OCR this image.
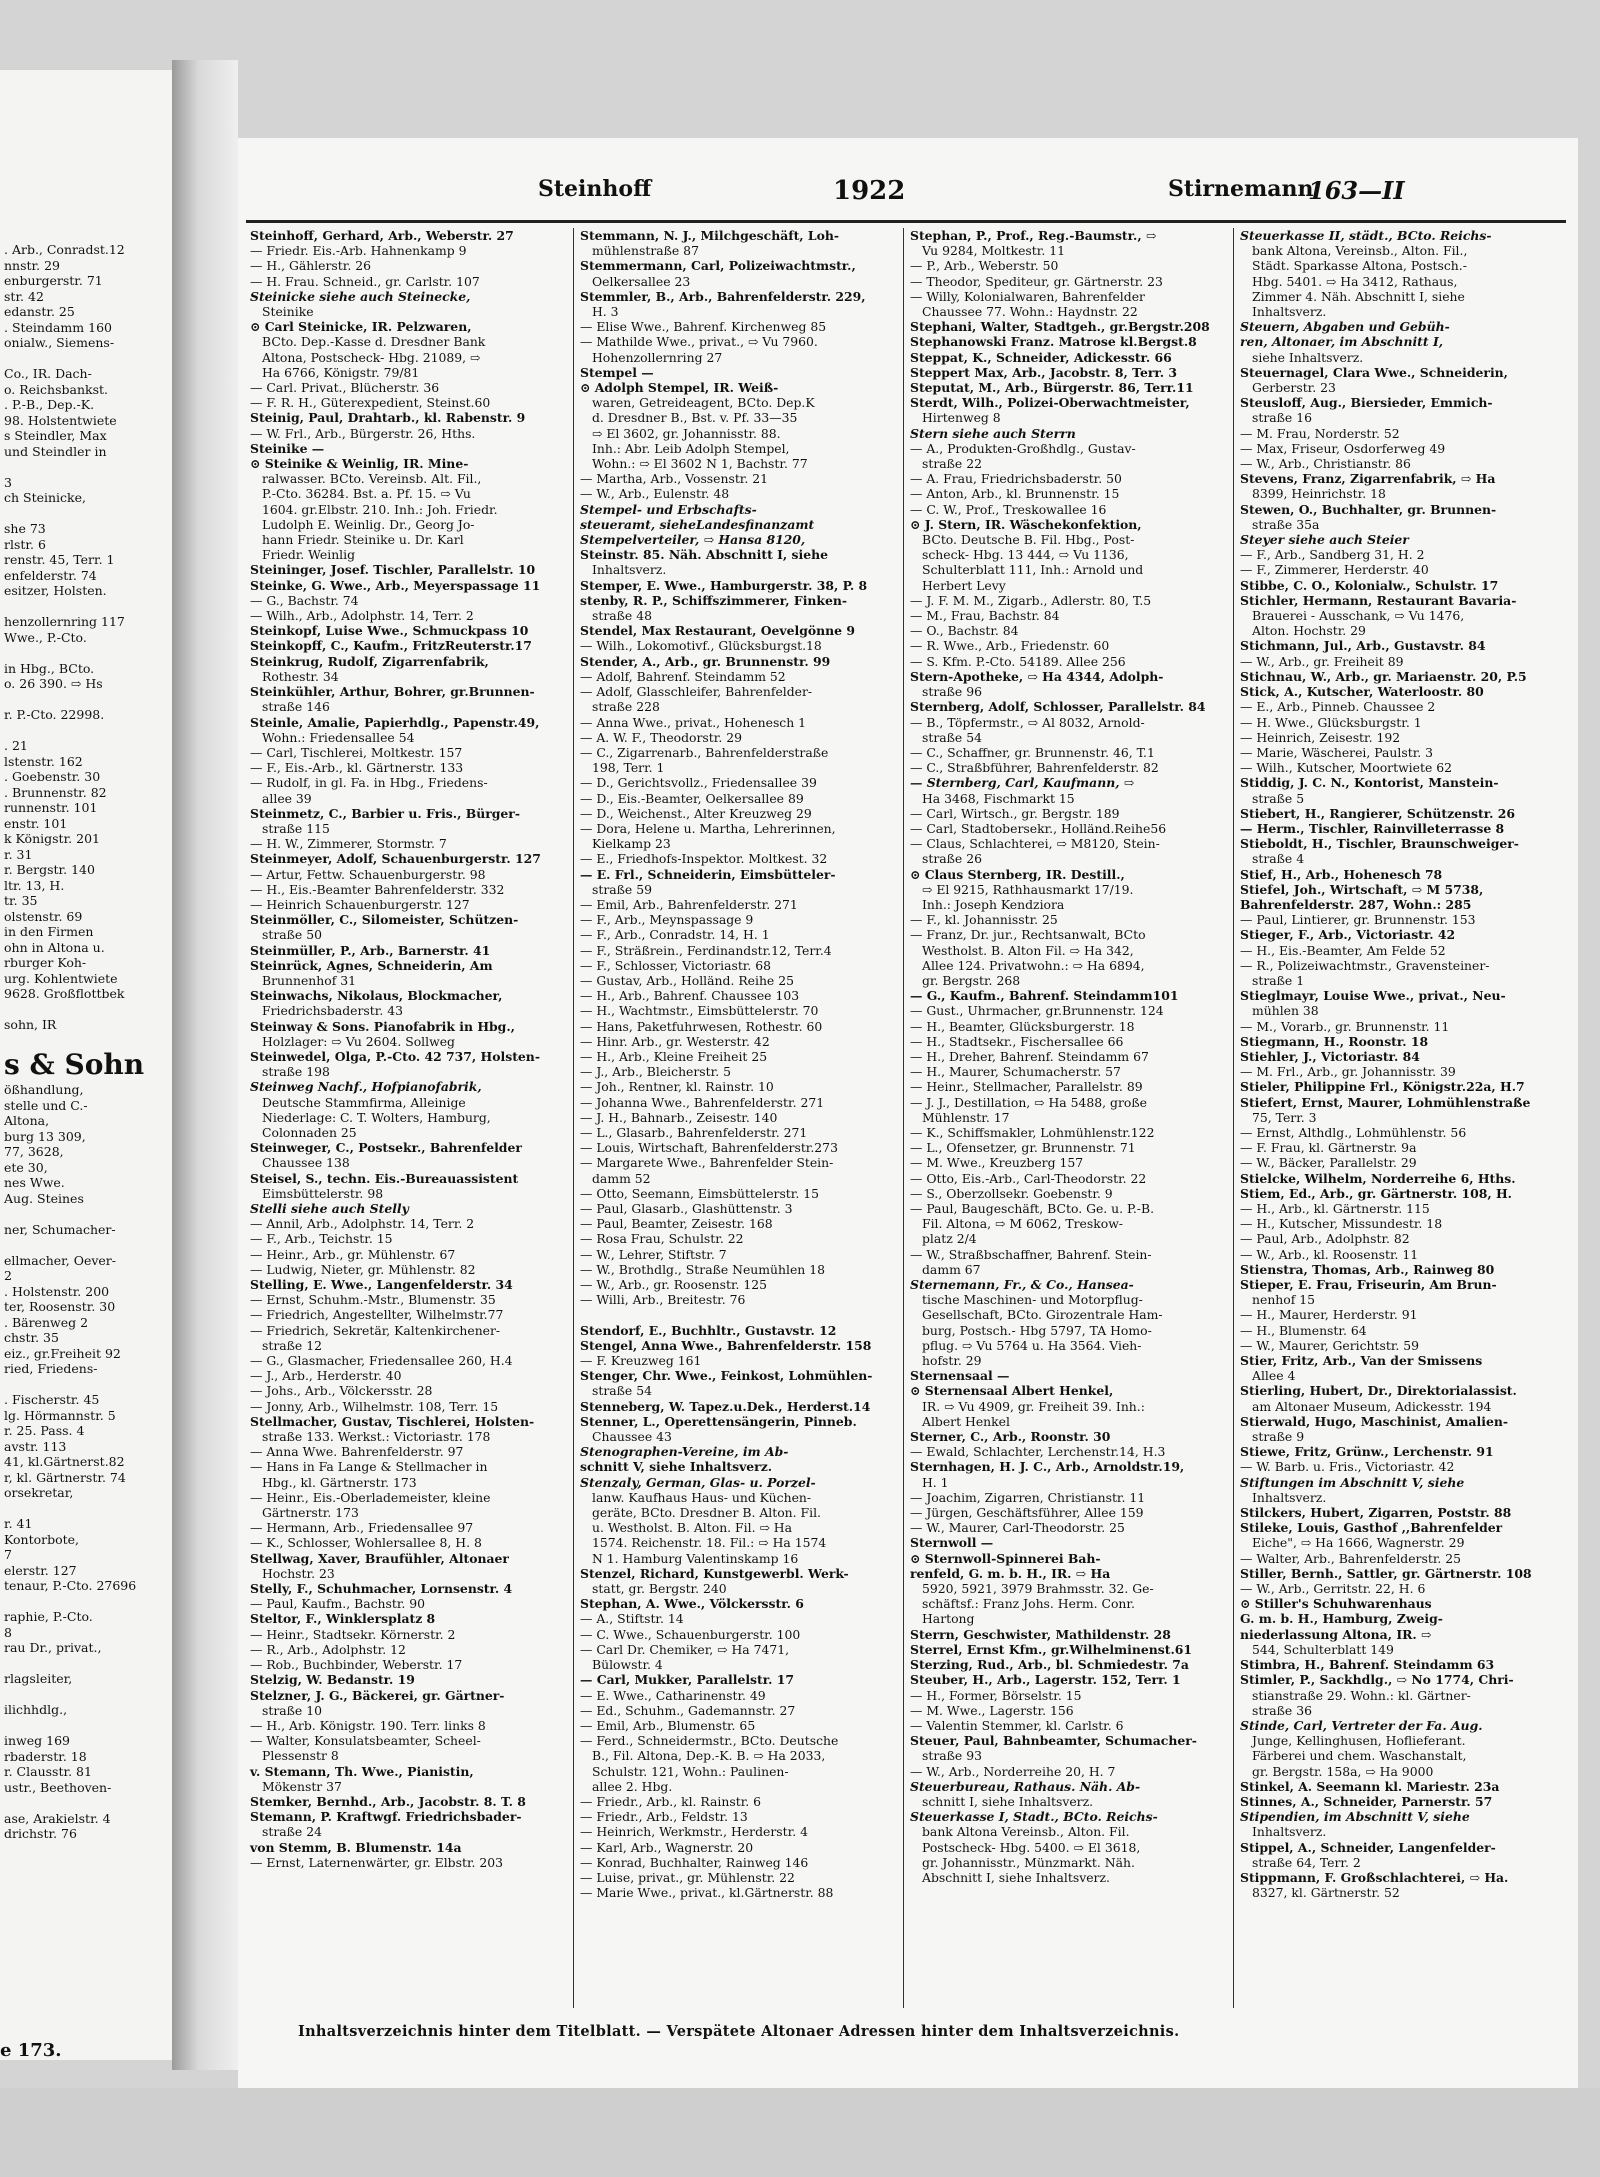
. Arb., Conradst.12
nnstr. 29
enburgerstr. 71
str. 42
edanstr. 25
. Steindamm 160
onialw., Siemens-

Co., IR. Dach-
o. Reichsbankst.
. P.-B., Dep.-K.
98. Holstentwiete
s Steindler, Max
und Steindler in

3
ch Steinicke,

she 73
rlstr. 6
renstr. 45, Terr. 1
enfelderstr. 74
esitzer, Holsten.

henzollernring 117
Wwe., P.-Cto.

in Hbg., BCto.
o. 26 390. ⇨ Hs

r. P.-Cto. 22998.

. 21
lstenstr. 162
. Goebenstr. 30
. Brunnenstr. 82
runnenstr. 101
enstr. 101
k Königstr. 201
r. 31
r. Bergstr. 140
ltr. 13, H.
tr. 35
olstenstr. 69
in den Firmen
ohn in Altona u.
rburger Koh-
urg. Kohlentwiete
9628. Großflottbek

sohn, IR

s & Sohn
ößhandlung,
stelle und C.-
Altona,
burg 13 309,
77, 3628,
ete 30,
nes Wwe.
Aug. Steines

ner, Schumacher-

ellmacher, Oever-
2
. Holstenstr. 200
ter, Roosenstr. 30
. Bärenweg 2
chstr. 35
eiz., gr.Freiheit 92
ried, Friedens-

. Fischerstr. 45
lg. Hörmannstr. 5
r. 25. Pass. 4
avstr. 113
41, kl.Gärtnerst.82
r, kl. Gärtnerstr. 74
orsekretar,

r. 41
Kontorbote,
7
elerstr. 127
tenaur, P.-Cto. 27696

raphie, P.-Cto.
8
rau Dr., privat.,

rlagsleiter,

ilichhdlg.,

inweg 169
rbaderstr. 18
r. Clausstr. 81
ustr., Beethoven-

ase, Arakielstr. 4
drichstr. 76
e 173.
Steinhoff	1922	Stirnemann
163—II
Steinhoff, Gerhard, Arb., Weberstr. 27
— Friedr. Eis.-Arb. Hahnenkamp 9
— H., Gählerstr. 26
— H. Frau. Schneid., gr. Carlstr. 107
Steinicke siehe auch Steinecke,
Steinike
⊙ Carl Steinicke, IR. Pelzwaren,
BCto. Dep.-Kasse d. Dresdner Bank
Altona, Postscheck- Hbg. 21089, ⇨
Ha 6766, Königstr. 79/81
— Carl. Privat., Blücherstr. 36
— F. R. H., Güterexpedient, Steinst.60
Steinig, Paul, Drahtarb., kl. Rabenstr. 9
— W. Frl., Arb., Bürgerstr. 26, Hths.
Steinike —
⊙ Steinike & Weinlig, IR. Mine-
ralwasser. BCto. Vereinsb. Alt. Fil.,
P.-Cto. 36284. Bst. a. Pf. 15. ⇨ Vu
1604. gr.Elbstr. 210. Inh.: Joh. Friedr.
Ludolph E. Weinlig. Dr., Georg Jo-
hann Friedr. Steinike u. Dr. Karl
Friedr. Weinlig
Steininger, Josef. Tischler, Parallelstr. 10
Steinke, G. Wwe., Arb., Meyerspassage 11
— G., Bachstr. 74
— Wilh., Arb., Adolphstr. 14, Terr. 2
Steinkopf, Luise Wwe., Schmuckpass 10
Steinkopff, C., Kaufm., FritzReuterstr.17
Steinkrug, Rudolf, Zigarrenfabrik,
Rothestr. 34
Steinkühler, Arthur, Bohrer, gr.Brunnen-
straße 146
Steinle, Amalie, Papierhdlg., Papenstr.49,
Wohn.: Friedensallee 54
— Carl, Tischlerei, Moltkestr. 157
— F., Eis.-Arb., kl. Gärtnerstr. 133
— Rudolf, in gl. Fa. in Hbg., Friedens-
allee 39
Steinmetz, C., Barbier u. Fris., Bürger-
straße 115
— H. W., Zimmerer, Stormstr. 7
Steinmeyer, Adolf, Schauenburgerstr. 127
— Artur, Fettw. Schauenburgerstr. 98
— H., Eis.-Beamter Bahrenfelderstr. 332
— Heinrich Schauenburgerstr. 127
Steinmöller, C., Silomeister, Schützen-
straße 50
Steinmüller, P., Arb., Barnerstr. 41
Steinrück, Agnes, Schneiderin, Am
Brunnenhof 31
Steinwachs, Nikolaus, Blockmacher,
Friedrichsbaderstr. 43
Steinway & Sons. Pianofabrik in Hbg.,
Holzlager: ⇨ Vu 2604. Sollweg
Steinwedel, Olga, P.-Cto. 42 737, Holsten-
straße 198
Steinweg Nachf., Hofpianofabrik,
Deutsche Stammfirma, Alleinige
Niederlage: C. T. Wolters, Hamburg,
Colonnaden 25
Steinweger, C., Postsekr., Bahrenfelder
Chaussee 138
Steisel, S., techn. Eis.-Bureauassistent
Eimsbüttelerstr. 98
Stelli siehe auch Stelly
— Annil, Arb., Adolphstr. 14, Terr. 2
— F., Arb., Teichstr. 15
— Heinr., Arb., gr. Mühlenstr. 67
— Ludwig, Nieter, gr. Mühlenstr. 82
Stelling, E. Wwe., Langenfelderstr. 34
— Ernst, Schuhm.-Mstr., Blumenstr. 35
— Friedrich, Angestellter, Wilhelmstr.77
— Friedrich, Sekretär, Kaltenkirchener-
straße 12
— G., Glasmacher, Friedensallee 260, H.4
— J., Arb., Herderstr. 40
— Johs., Arb., Völckersstr. 28
— Jonny, Arb., Wilhelmstr. 108, Terr. 15
Stellmacher, Gustav, Tischlerei, Holsten-
straße 133. Werkst.: Victoriastr. 178
— Anna Wwe. Bahrenfelderstr. 97
— Hans in Fa Lange & Stellmacher in
Hbg., kl. Gärtnerstr. 173
— Heinr., Eis.-Oberlademeister, kleine
Gärtnerstr. 173
— Hermann, Arb., Friedensallee 97
— K., Schlosser, Wohlersallee 8, H. 8
Stellwag, Xaver, Braufühler, Altonaer
Hochstr. 23
Stelly, F., Schuhmacher, Lornsenstr. 4
— Paul, Kaufm., Bachstr. 90
Steltor, F., Winklersplatz 8
— Heinr., Stadtsekr. Körnerstr. 2
— R., Arb., Adolphstr. 12
— Rob., Buchbinder, Weberstr. 17
Stelzig, W. Bedanstr. 19
Stelzner, J. G., Bäckerei, gr. Gärtner-
straße 10
— H., Arb. Königstr. 190. Terr. links 8
— Walter, Konsulatsbeamter, Scheel-
Plessenstr 8
v. Stemann, Th. Wwe., Pianistin,
Mökenstr 37
Stemker, Bernhd., Arb., Jacobstr. 8. T. 8
Stemann, P. Kraftwgf. Friedrichsbader-
straße 24
von Stemm, B. Blumenstr. 14a
— Ernst, Laternenwärter, gr. Elbstr. 203
Stemmann, N. J., Milchgeschäft, Loh-
mühlenstraße 87
Stemmermann, Carl, Polizeiwachtmstr.,
Oelkersallee 23
Stemmler, B., Arb., Bahrenfelderstr. 229,
H. 3
— Elise Wwe., Bahrenf. Kirchenweg 85
— Mathilde Wwe., privat., ⇨ Vu 7960.
Hohenzollernring 27
Stempel —
⊙ Adolph Stempel, IR. Weiß-
waren, Getreideagent, BCto. Dep.K
d. Dresdner B., Bst. v. Pf. 33—35
⇨ El 3602, gr. Johannisstr. 88.
Inh.: Abr. Leib Adolph Stempel,
Wohn.: ⇨ El 3602 N 1, Bachstr. 77
— Martha, Arb., Vossenstr. 21
— W., Arb., Eulenstr. 48
Stempel- und Erbschafts-
steueramt, sieheLandesfinanzamt
Stempelverteiler, ⇨ Hansa 8120,
Steinstr. 85. Näh. Abschnitt I, siehe
Inhaltsverz.
Stemper, E. Wwe., Hamburgerstr. 38, P. 8
stenby, R. P., Schiffszimmerer, Finken-
straße 48
Stendel, Max Restaurant, Oevelgönne 9
— Wilh., Lokomotivf., Glücksburgst.18
Stender, A., Arb., gr. Brunnenstr. 99
— Adolf, Bahrenf. Steindamm 52
— Adolf, Glasschleifer, Bahrenfelder-
straße 228
— Anna Wwe., privat., Hohenesch 1
— A. W. F., Theodorstr. 29
— C., Zigarrenarb., Bahrenfelderstraße
198, Terr. 1
— D., Gerichtsvollz., Friedensallee 39
— D., Eis.-Beamter, Oelkersallee 89
— D., Weichenst., Alter Kreuzweg 29
— Dora, Helene u. Martha, Lehrerinnen,
Kielkamp 23
— E., Friedhofs-Inspektor. Moltkest. 32
— E. Frl., Schneiderin, Eimsbütteler-
straße 59
— Emil, Arb., Bahrenfelderstr. 271
— F., Arb., Meynspassage 9
— F., Arb., Conradstr. 14, H. 1
— F., Sträßrein., Ferdinandstr.12, Terr.4
— F., Schlosser, Victoriastr. 68
— Gustav, Arb., Holländ. Reihe 25
— H., Arb., Bahrenf. Chaussee 103
— H., Wachtmstr., Eimsbüttelerstr. 70
— Hans, Paketfuhrwesen, Rothestr. 60
— Hinr. Arb., gr. Westerstr. 42
— H., Arb., Kleine Freiheit 25
— J., Arb., Bleicherstr. 5
— Joh., Rentner, kl. Rainstr. 10
— Johanna Wwe., Bahrenfelderstr. 271
— J. H., Bahnarb., Zeisestr. 140
— L., Glasarb., Bahrenfelderstr. 271
— Louis, Wirtschaft, Bahrenfelderstr.273
— Margarete Wwe., Bahrenfelder Stein-
damm 52
— Otto, Seemann, Eimsbüttelerstr. 15
— Paul, Glasarb., Glashüttenstr. 3
— Paul, Beamter, Zeisestr. 168
— Rosa Frau, Schulstr. 22
— W., Lehrer, Stiftstr. 7
— W., Brothdlg., Straße Neumühlen 18
— W., Arb., gr. Roosenstr. 125
— Willi, Arb., Breitestr. 76

Stendorf, E., Buchhltr., Gustavstr. 12
Stengel, Anna Wwe., Bahrenfelderstr. 158
— F. Kreuzweg 161
Stenger, Chr. Wwe., Feinkost, Lohmühlen-
straße 54
Stenneberg, W. Tapez.u.Dek., Herderst.14
Stenner, L., Operettensängerin, Pinneb.
Chaussee 43
Stenographen-Vereine, im Ab-
schnitt V, siehe Inhaltsverz.
Stenzaly, German, Glas- u. Porzel-
lanw. Kaufhaus Haus- und Küchen-
geräte, BCto. Dresdner B. Alton. Fil.
u. Westholst. B. Alton. Fil. ⇨ Ha
1574. Reichenstr. 18. Fil.: ⇨ Ha 1574
N 1. Hamburg Valentinskamp 16
Stenzel, Richard, Kunstgewerbl. Werk-
statt, gr. Bergstr. 240
Stephan, A. Wwe., Völckersstr. 6
— A., Stiftstr. 14
— C. Wwe., Schauenburgerstr. 100
— Carl Dr. Chemiker, ⇨ Ha 7471,
Bülowstr. 4
— Carl, Mukker, Parallelstr. 17
— E. Wwe., Catharinenstr. 49
— Ed., Schuhm., Gademannstr. 27
— Emil, Arb., Blumenstr. 65
— Ferd., Schneidermstr., BCto. Deutsche
B., Fil. Altona, Dep.-K. B. ⇨ Ha 2033,
Schulstr. 121, Wohn.: Paulinen-
allee 2. Hbg.
— Friedr., Arb., kl. Rainstr. 6
— Friedr., Arb., Feldstr. 13
— Heinrich, Werkmstr., Herderstr. 4
— Karl, Arb., Wagnerstr. 20
— Konrad, Buchhalter, Rainweg 146
— Luise, privat., gr. Mühlenstr. 22
— Marie Wwe., privat., kl.Gärtnerstr. 88
Stephan, P., Prof., Reg.-Baumstr., ⇨
Vu 9284, Moltkestr. 11
— P., Arb., Weberstr. 50
— Theodor, Spediteur, gr. Gärtnerstr. 23
— Willy, Kolonialwaren, Bahrenfelder
Chaussee 77. Wohn.: Haydnstr. 22
Stephani, Walter, Stadtgeh., gr.Bergstr.208
Stephanowski Franz. Matrose kl.Bergst.8
Steppat, K., Schneider, Adickesstr. 66
Steppert Max, Arb., Jacobstr. 8, Terr. 3
Steputat, M., Arb., Bürgerstr. 86, Terr.11
Sterdt, Wilh., Polizei-Oberwachtmeister,
Hirtenweg 8
Stern siehe auch Sterrn
— A., Produkten-Großhdlg., Gustav-
straße 22
— A. Frau, Friedrichsbaderstr. 50
— Anton, Arb., kl. Brunnenstr. 15
— C. W., Prof., Treskowallee 16
⊙ J. Stern, IR. Wäschekonfektion,
BCto. Deutsche B. Fil. Hbg., Post-
scheck- Hbg. 13 444, ⇨ Vu 1136,
Schulterblatt 111, Inh.: Arnold und
Herbert Levy
— J. F. M. M., Zigarb., Adlerstr. 80, T.5
— M., Frau, Bachstr. 84
— O., Bachstr. 84
— R. Wwe., Arb., Friedenstr. 60
— S. Kfm. P.-Cto. 54189. Allee 256
Stern-Apotheke, ⇨ Ha 4344, Adolph-
straße 96
Sternberg, Adolf, Schlosser, Parallelstr. 84
— B., Töpfermstr., ⇨ Al 8032, Arnold-
straße 54
— C., Schaffner, gr. Brunnenstr. 46, T.1
— C., Straßbführer, Bahrenfelderstr. 82
— Sternberg, Carl, Kaufmann, ⇨
Ha 3468, Fischmarkt 15
— Carl, Wirtsch., gr. Bergstr. 189
— Carl, Stadtobersekr., Holländ.Reihe56
— Claus, Schlachterei, ⇨ M8120, Stein-
straße 26
⊙ Claus Sternberg, IR. Destill.,
⇨ El 9215, Rathhausmarkt 17/19.
Inh.: Joseph Kendziora
— F., kl. Johannisstr. 25
— Franz, Dr. jur., Rechtsanwalt, BCto
Westholst. B. Alton Fil. ⇨ Ha 342,
Allee 124. Privatwohn.: ⇨ Ha 6894,
gr. Bergstr. 268
— G., Kaufm., Bahrenf. Steindamm101
— Gust., Uhrmacher, gr.Brunnenstr. 124
— H., Beamter, Glücksburgerstr. 18
— H., Stadtsekr., Fischersallee 66
— H., Dreher, Bahrenf. Steindamm 67
— H., Maurer, Schumacherstr. 57
— Heinr., Stellmacher, Parallelstr. 89
— J. J., Destillation, ⇨ Ha 5488, große
Mühlenstr. 17
— K., Schiffsmakler, Lohmühlenstr.122
— L., Ofensetzer, gr. Brunnenstr. 71
— M. Wwe., Kreuzberg 157
— Otto, Eis.-Arb., Carl-Theodorstr. 22
— S., Oberzollsekr. Goebenstr. 9
— Paul, Baugeschäft, BCto. Ge. u. P.-B.
Fil. Altona, ⇨ M 6062, Treskow-
platz 2/4
— W., Straßbschaffner, Bahrenf. Stein-
damm 67
Sternemann, Fr., & Co., Hansea-
tische Maschinen- und Motorpflug-
Gesellschaft, BCto. Girozentrale Ham-
burg, Postsch.- Hbg 5797, TA Homo-
pflug. ⇨ Vu 5764 u. Ha 3564. Vieh-
hofstr. 29
Sternensaal —
⊙ Sternensaal Albert Henkel,
IR. ⇨ Vu 4909, gr. Freiheit 39. Inh.:
Albert Henkel
Sterner, C., Arb., Roonstr. 30
— Ewald, Schlachter, Lerchenstr.14, H.3
Sternhagen, H. J. C., Arb., Arnoldstr.19,
H. 1
— Joachim, Zigarren, Christianstr. 11
— Jürgen, Geschäftsführer, Allee 159
— W., Maurer, Carl-Theodorstr. 25
Sternwoll —
⊙ Sternwoll-Spinnerei Bah-
renfeld, G. m. b. H., IR. ⇨ Ha
5920, 5921, 3979 Brahmsstr. 32. Ge-
schäftsf.: Franz Johs. Herm. Conr.
Hartong
Sterrn, Geschwister, Mathildenstr. 28
Sterrel, Ernst Kfm., gr.Wilhelminenst.61
Sterzing, Rud., Arb., bl. Schmiedestr. 7a
Steuber, H., Arb., Lagerstr. 152, Terr. 1
— H., Former, Börselstr. 15
— M. Wwe., Lagerstr. 156
— Valentin Stemmer, kl. Carlstr. 6
Steuer, Paul, Bahnbeamter, Schumacher-
straße 93
— W., Arb., Norderreihe 20, H. 7
Steuerbureau, Rathaus. Näh. Ab-
schnitt I, siehe Inhaltsverz.
Steuerkasse I, Stadt., BCto. Reichs-
bank Altona Vereinsb., Alton. Fil.
Postscheck- Hbg. 5400. ⇨ El 3618,
gr. Johannisstr., Münzmarkt. Näh.
Abschnitt I, siehe Inhaltsverz.
Steuerkasse II, städt., BCto. Reichs-
bank Altona, Vereinsb., Alton. Fil.,
Städt. Sparkasse Altona, Postsch.-
Hbg. 5401. ⇨ Ha 3412, Rathaus,
Zimmer 4. Näh. Abschnitt I, siehe
Inhaltsverz.
Steuern, Abgaben und Gebüh-
ren, Altonaer, im Abschnitt I,
siehe Inhaltsverz.
Steuernagel, Clara Wwe., Schneiderin,
Gerberstr. 23
Steusloff, Aug., Biersieder, Emmich-
straße 16
— M. Frau, Norderstr. 52
— Max, Friseur, Osdorferweg 49
— W., Arb., Christianstr. 86
Stevens, Franz, Zigarrenfabrik, ⇨ Ha
8399, Heinrichstr. 18
Stewen, O., Buchhalter, gr. Brunnen-
straße 35a
Steyer siehe auch Steier
— F., Arb., Sandberg 31, H. 2
— F., Zimmerer, Herderstr. 40
Stibbe, C. O., Kolonialw., Schulstr. 17
Stichler, Hermann, Restaurant Bavaria-
Brauerei - Ausschank, ⇨ Vu 1476,
Alton. Hochstr. 29
Stichmann, Jul., Arb., Gustavstr. 84
— W., Arb., gr. Freiheit 89
Stichnau, W., Arb., gr. Mariaenstr. 20, P.5
Stick, A., Kutscher, Waterloostr. 80
— E., Arb., Pinneb. Chaussee 2
— H. Wwe., Glücksburgstr. 1
— Heinrich, Zeisestr. 192
— Marie, Wäscherei, Paulstr. 3
— Wilh., Kutscher, Moortwiete 62
Stiddig, J. C. N., Kontorist, Manstein-
straße 5
Stiebert, H., Rangierer, Schützenstr. 26
— Herm., Tischler, Rainvilleterrasse 8
Stieboldt, H., Tischler, Braunschweiger-
straße 4
Stief, H., Arb., Hohenesch 78
Stiefel, Joh., Wirtschaft, ⇨ M 5738,
Bahrenfelderstr. 287, Wohn.: 285
— Paul, Lintierer, gr. Brunnenstr. 153
Stieger, F., Arb., Victoriastr. 42
— H., Eis.-Beamter, Am Felde 52
— R., Polizeiwachtmstr., Gravensteiner-
straße 1
Stieglmayr, Louise Wwe., privat., Neu-
mühlen 38
— M., Vorarb., gr. Brunnenstr. 11
Stiegmann, H., Roonstr. 18
Stiehler, J., Victoriastr. 84
— M. Frl., Arb., gr. Johannisstr. 39
Stieler, Philippine Frl., Königstr.22a, H.7
Stiefert, Ernst, Maurer, Lohmühlenstraße
75, Terr. 3
— Ernst, Althdlg., Lohmühlenstr. 56
— F. Frau, kl. Gärtnerstr. 9a
— W., Bäcker, Parallelstr. 29
Stielcke, Wilhelm, Norderreihe 6, Hths.
Stiem, Ed., Arb., gr. Gärtnerstr. 108, H.
— H., Arb., kl. Gärtnerstr. 115
— H., Kutscher, Missundestr. 18
— Paul, Arb., Adolphstr. 82
— W., Arb., kl. Roosenstr. 11
Stienstra, Thomas, Arb., Rainweg 80
Stieper, E. Frau, Friseurin, Am Brun-
nenhof 15
— H., Maurer, Herderstr. 91
— H., Blumenstr. 64
— W., Maurer, Gerichtstr. 59
Stier, Fritz, Arb., Van der Smissens
Allee 4
Stierling, Hubert, Dr., Direktorialassist.
am Altonaer Museum, Adickesstr. 194
Stierwald, Hugo, Maschinist, Amalien-
straße 9
Stiewe, Fritz, Grünw., Lerchenstr. 91
— W. Barb. u. Fris., Victoriastr. 42
Stiftungen im Abschnitt V, siehe
Inhaltsverz.
Stilckers, Hubert, Zigarren, Poststr. 88
Stileke, Louis, Gasthof ,,Bahrenfelder
Eiche", ⇨ Ha 1666, Wagnerstr. 29
— Walter, Arb., Bahrenfelderstr. 25
Stiller, Bernh., Sattler, gr. Gärtnerstr. 108
— W., Arb., Gerritstr. 22, H. 6
⊙ Stiller's Schuhwarenhaus
G. m. b. H., Hamburg, Zweig-
niederlassung Altona, IR. ⇨
544, Schulterblatt 149
Stimbra, H., Bahrenf. Steindamm 63
Stimler, P., Sackhdlg., ⇨ No 1774, Chri-
stianstraße 29. Wohn.: kl. Gärtner-
straße 36
Stinde, Carl, Vertreter der Fa. Aug.
Junge, Kellinghusen, Hoflieferant.
Färberei und chem. Waschanstalt,
gr. Bergstr. 158a, ⇨ Ha 9000
Stinkel, A. Seemann kl. Mariestr. 23a
Stinnes, A., Schneider, Parnerstr. 57
Stipendien, im Abschnitt V, siehe
Inhaltsverz.
Stippel, A., Schneider, Langenfelder-
straße 64, Terr. 2
Stippmann, F. Großschlachterei, ⇨ Ha.
8327, kl. Gärtnerstr. 52
Inhaltsverzeichnis hinter dem Titelblatt. — Verspätete Altonaer Adressen hinter dem Inhaltsverzeichnis.
